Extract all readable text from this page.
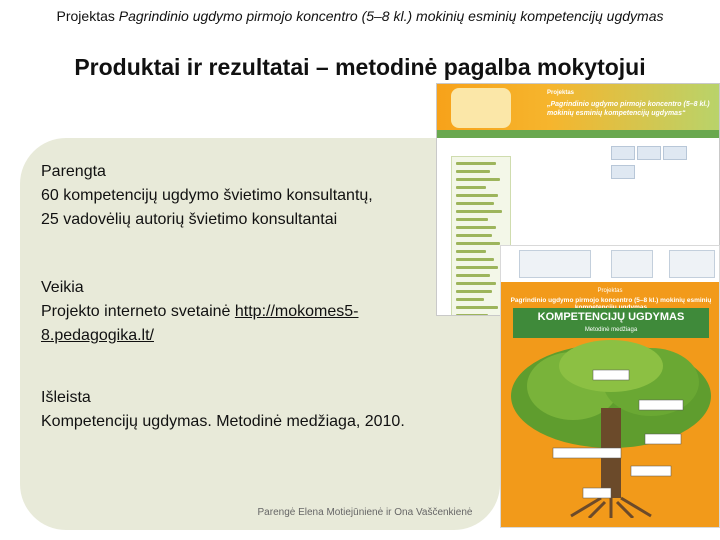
Projektas Pagrindinio ugdymo pirmojo koncentro (5–8 kl.) mokinių esminių kompetencijų ugdymas
Produktai ir rezultatai – metodinė pagalba mokytojui
Parengta
60 kompetencijų ugdymo švietimo konsultantų,
25 vadovėlių autorių švietimo konsultantai
Veikia
Projekto interneto svetainė http://mokomes5-8.pedagogika.lt/
Išleista
Kompetencijų ugdymas. Metodinė medžiaga, 2010.
Projektas
„Pagrindinio ugdymo pirmojo koncentro (5–8 kl.) mokinių esminių kompetencijų ugdymas“
Projektas
Pagrindinio ugdymo pirmojo koncentro (5–8 kl.) mokinių esminių
KOMPETENCIJŲ UGDYMAS
Metodinė medžiaga
Parengė Elena Motiejūnienė ir Ona Vaščenkienė
